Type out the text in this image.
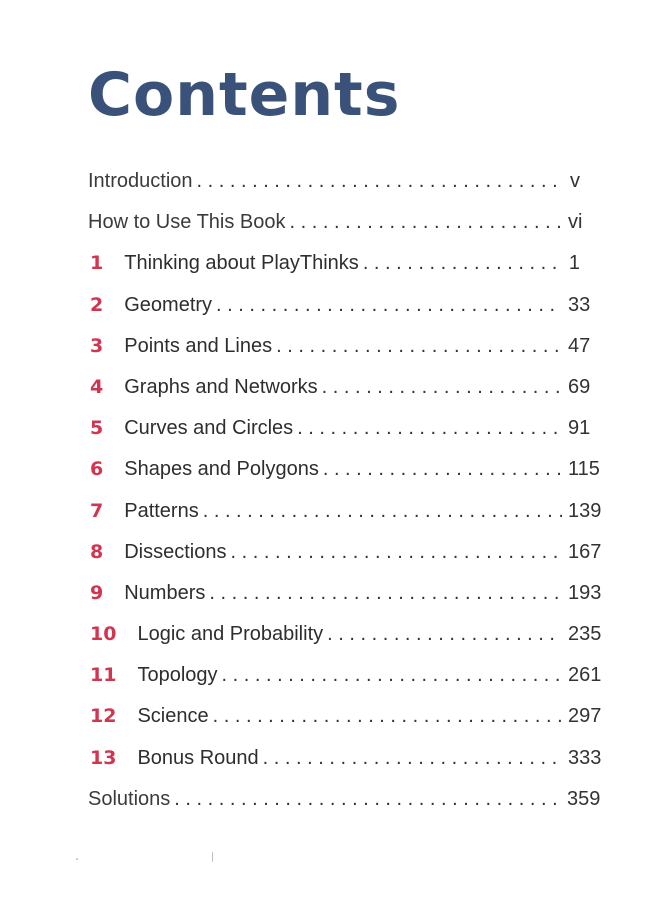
Contents
Introduction . . .	v
How to Use This Book . . .	vi
1 Thinking about PlayThinks . . .	1
2 Geometry . . .	33
3 Points and Lines . . .	47
4 Graphs and Networks . . .	69
5 Curves and Circles . . .	91
6 Shapes and Polygons . . .	115
7 Patterns . . .	139
8 Dissections . . .	167
9 Numbers . . .	193
10 Logic and Probability . . .	235
11 Topology . . .	261
12 Science . . .	297
13 Bonus Round . . .	333
Solutions . . .	359
